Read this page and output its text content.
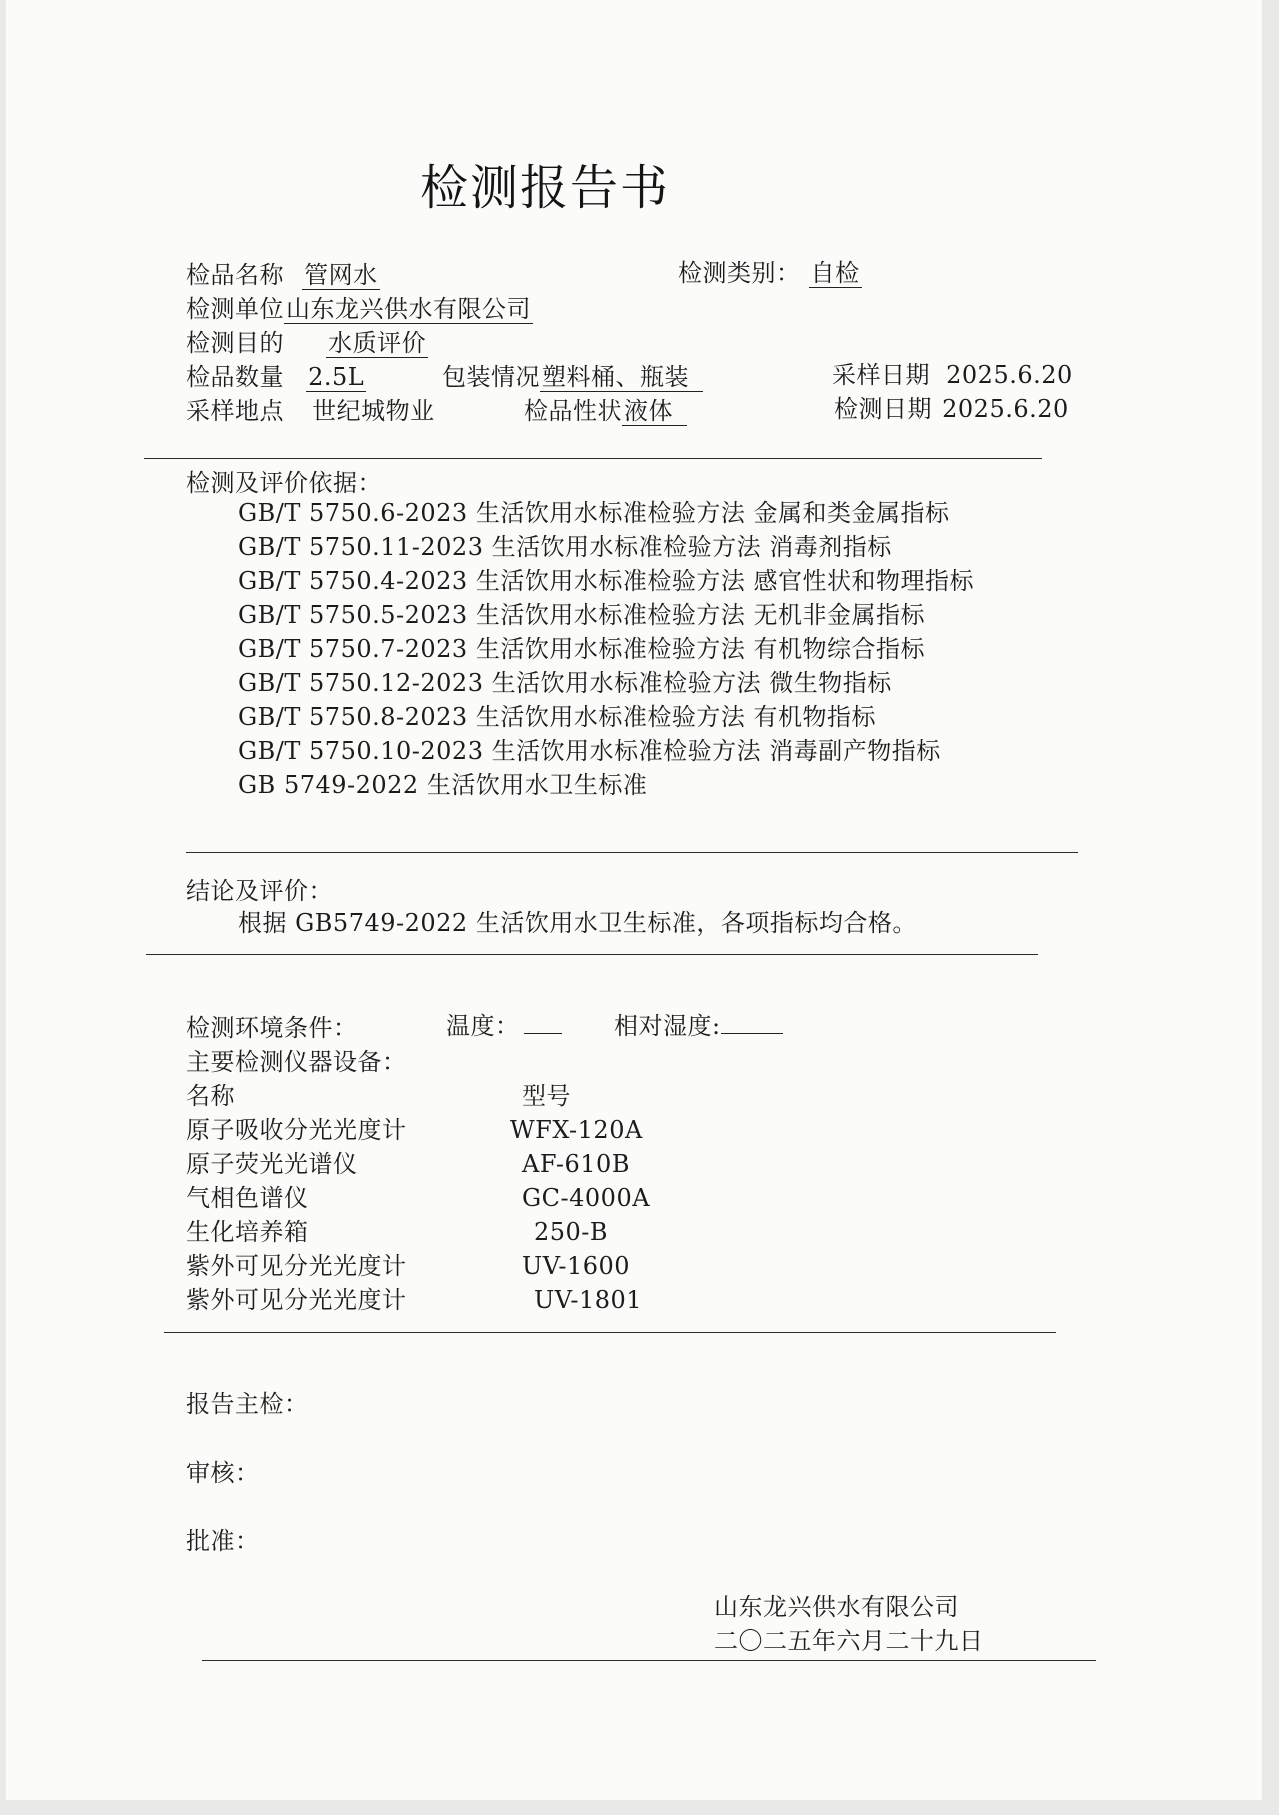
检测报告书
检品名称 管网水	检测类别： 自检
检测单位山东龙兴供水有限公司
检测目的 水质评价
检品数量 2.5L	包装情况塑料桶、瓶装	采样日期 2025.6.20
采样地点 世纪城物业	检品性状液体	检测日期 2025.6.20
检测及评价依据：
GB/T 5750.6-2023 生活饮用水标准检验方法 金属和类金属指标
GB/T 5750.11-2023 生活饮用水标准检验方法 消毒剂指标
GB/T 5750.4-2023 生活饮用水标准检验方法 感官性状和物理指标
GB/T 5750.5-2023 生活饮用水标准检验方法 无机非金属指标
GB/T 5750.7-2023 生活饮用水标准检验方法 有机物综合指标
GB/T 5750.12-2023 生活饮用水标准检验方法 微生物指标
GB/T 5750.8-2023 生活饮用水标准检验方法 有机物指标
GB/T 5750.10-2023 生活饮用水标准检验方法 消毒副产物指标
GB 5749-2022 生活饮用水卫生标准
结论及评价：
根据 GB5749-2022 生活饮用水卫生标准，各项指标均合格。
检测环境条件：	温度：	相对湿度:
主要检测仪器设备：
名称	型号
原子吸收分光光度计	WFX-120A
原子荧光光谱仪	AF-610B
气相色谱仪	GC-4000A
生化培养箱	250-B
紫外可见分光光度计	UV-1600
紫外可见分光光度计	UV-1801
报告主检：
审核：
批准：
山东龙兴供水有限公司
二〇二五年六月二十九日
